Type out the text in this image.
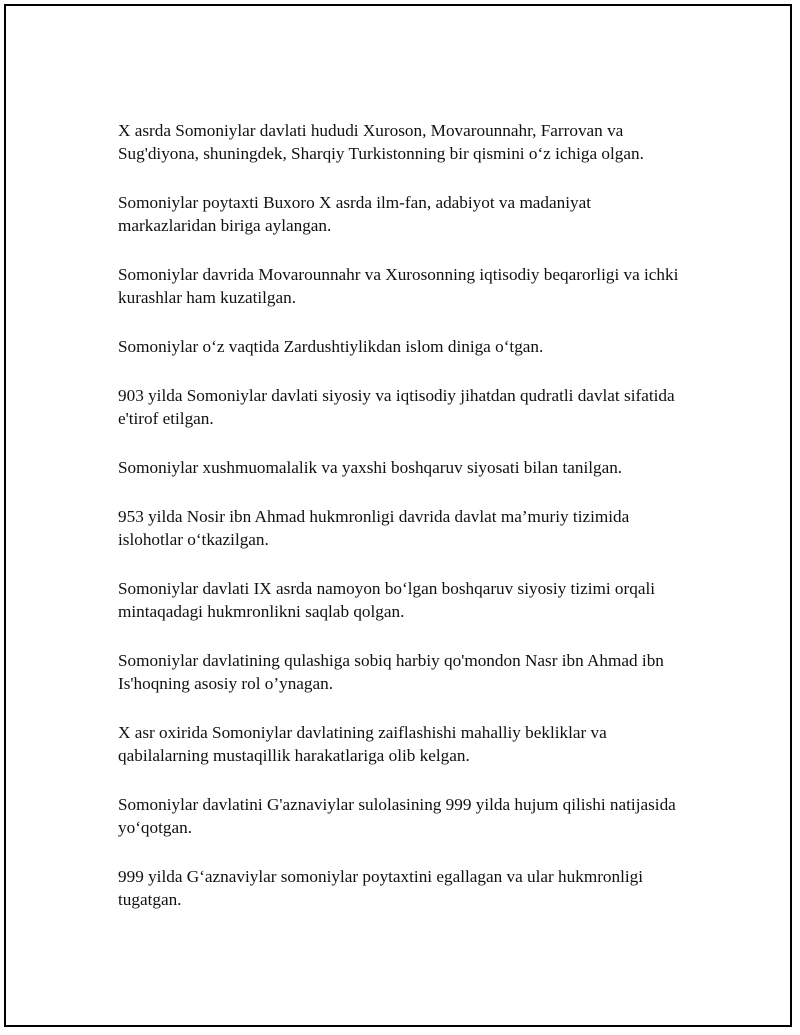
X asrda Somoniylar davlati hududi Xuroson, Movarounnahr, Farrovan va Sug'diyona, shuningdek, Sharqiy Turkistonning bir qismini o‘z ichiga olgan.

Somoniylar poytaxti Buxoro X asrda ilm-fan, adabiyot va madaniyat markazlaridan biriga aylangan.

Somoniylar davrida Movarounnahr va Xurosonning iqtisodiy beqarorligi va ichki kurashlar ham kuzatilgan.

Somoniylar o‘z vaqtida Zardushtiylikdan islom diniga o‘tgan.

903 yilda Somoniylar davlati siyosiy va iqtisodiy jihatdan qudratli davlat sifatida e'tirof etilgan.

Somoniylar xushmuomalalik va yaxshi boshqaruv siyosati bilan tanilgan.

953 yilda Nosir ibn Ahmad hukmronligi davrida davlat ma’muriy tizimida islohotlar o‘tkazilgan.

Somoniylar davlati IX asrda namoyon bo‘lgan boshqaruv siyosiy tizimi orqali mintaqadagi hukmronlikni saqlab qolgan.

Somoniylar davlatining qulashiga sobiq harbiy qo'mondon Nasr ibn Ahmad ibn Is'hoqning asosiy rol o’ynagan.

X asr oxirida Somoniylar davlatining zaiflashishi mahalliy bekliklar va qabilalarning mustaqillik harakatlariga olib kelgan.

Somoniylar davlatini G'aznaviylar sulolasining 999 yilda hujum qilishi natijasida yo‘qotgan.

999 yilda G‘aznaviylar somoniylar poytaxtini egallagan va ular hukmronligi tugatgan.
